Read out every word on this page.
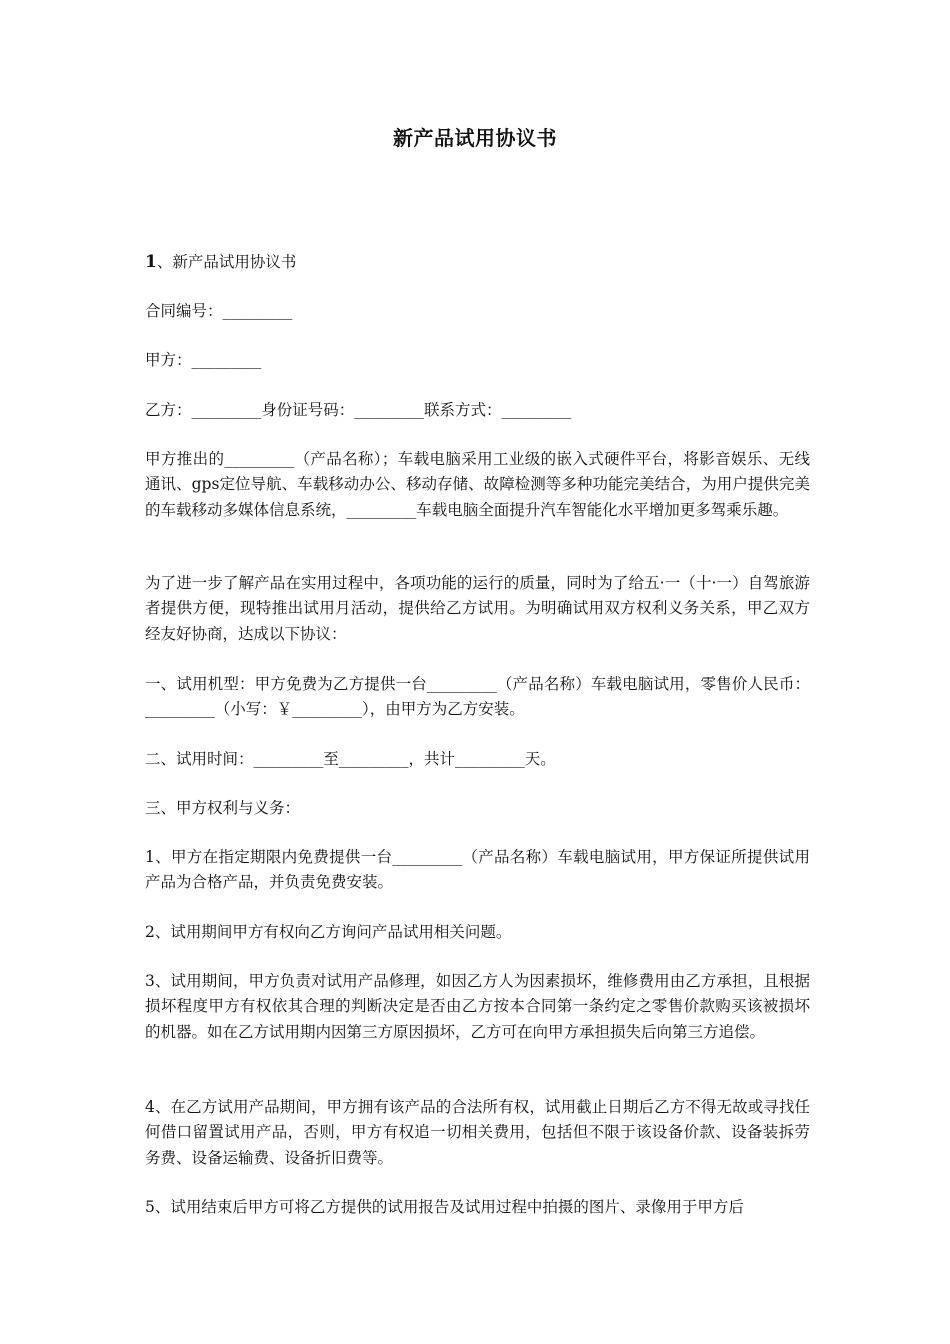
新产品试用协议书

1、新产品试用协议书

合同编号：_________

甲方：_________

乙方：_________身份证号码：_________联系方式：_________

甲方推出的_________（产品名称）；车载电脑采用工业级的嵌入式硬件平台，将影音娱乐、无线通讯、gps定位导航、车载移动办公、移动存储、故障检测等多种功能完美结合，为用户提供完美的车载移动多媒体信息系统，_________车载电脑全面提升汽车智能化水平增加更多驾乘乐趣。

为了进一步了解产品在实用过程中，各项功能的运行的质量，同时为了给五·一（十·一）自驾旅游者提供方便，现特推出试用月活动，提供给乙方试用。为明确试用双方权利义务关系，甲乙双方经友好协商，达成以下协议：

一、试用机型：甲方免费为乙方提供一台_________（产品名称）车载电脑试用，零售价人民币：_________（小写：￥_________），由甲方为乙方安装。

二、试用时间：_________至_________，共计_________天。

三、甲方权利与义务：

1、甲方在指定期限内免费提供一台_________（产品名称）车载电脑试用，甲方保证所提供试用产品为合格产品，并负责免费安装。

2、试用期间甲方有权向乙方询问产品试用相关问题。

3、试用期间，甲方负责对试用产品修理，如因乙方人为因素损坏，维修费用由乙方承担，且根据损坏程度甲方有权依其合理的判断决定是否由乙方按本合同第一条约定之零售价款购买该被损坏的机器。如在乙方试用期内因第三方原因损坏，乙方可在向甲方承担损失后向第三方追偿。

4、在乙方试用产品期间，甲方拥有该产品的合法所有权，试用截止日期后乙方不得无故或寻找任何借口留置试用产品，否则，甲方有权追一切相关费用，包括但不限于该设备价款、设备装拆劳务费、设备运输费、设备折旧费等。

5、试用结束后甲方可将乙方提供的试用报告及试用过程中拍摄的图片、录像用于甲方后
